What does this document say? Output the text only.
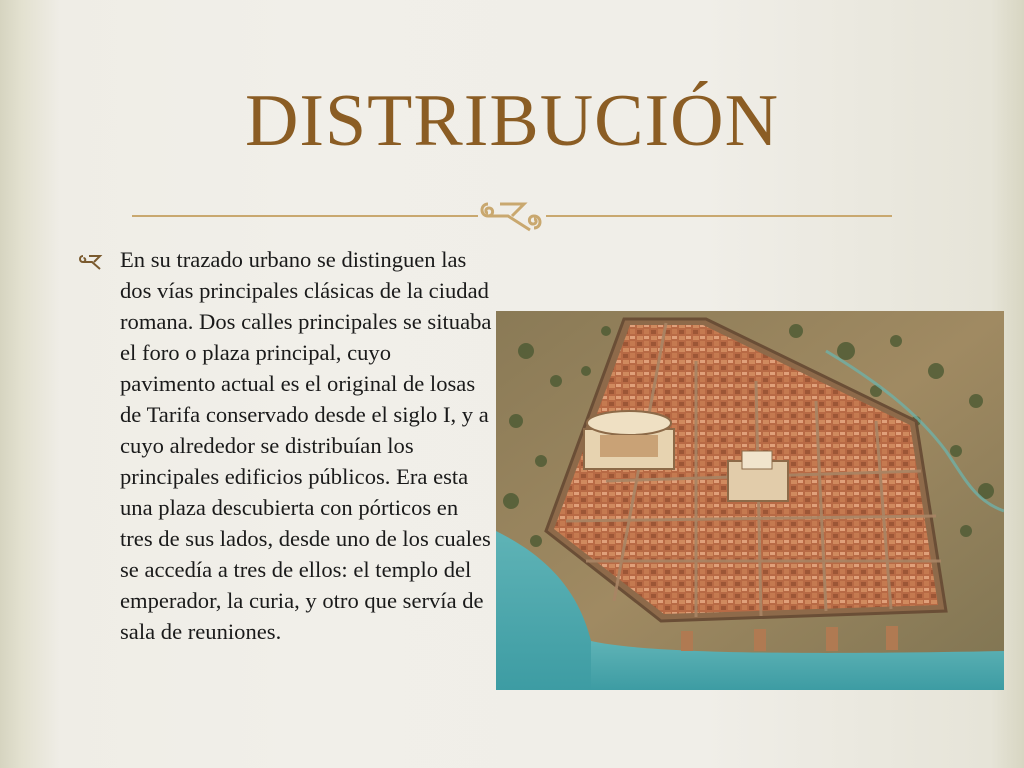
DISTRIBUCIÓN
En su trazado urbano se distinguen las dos vías principales clásicas de la ciudad romana. Dos calles principales se situaba el foro o plaza principal, cuyo pavimento actual es el original de losas de Tarifa conservado desde el siglo I, y a cuyo alrededor se distribuían los principales edificios públicos. Era esta una plaza descubierta con pórticos en tres de sus lados, desde uno de los cuales se accedía a tres de ellos: el templo del emperador, la curia, y otro que servía de sala de reuniones.
